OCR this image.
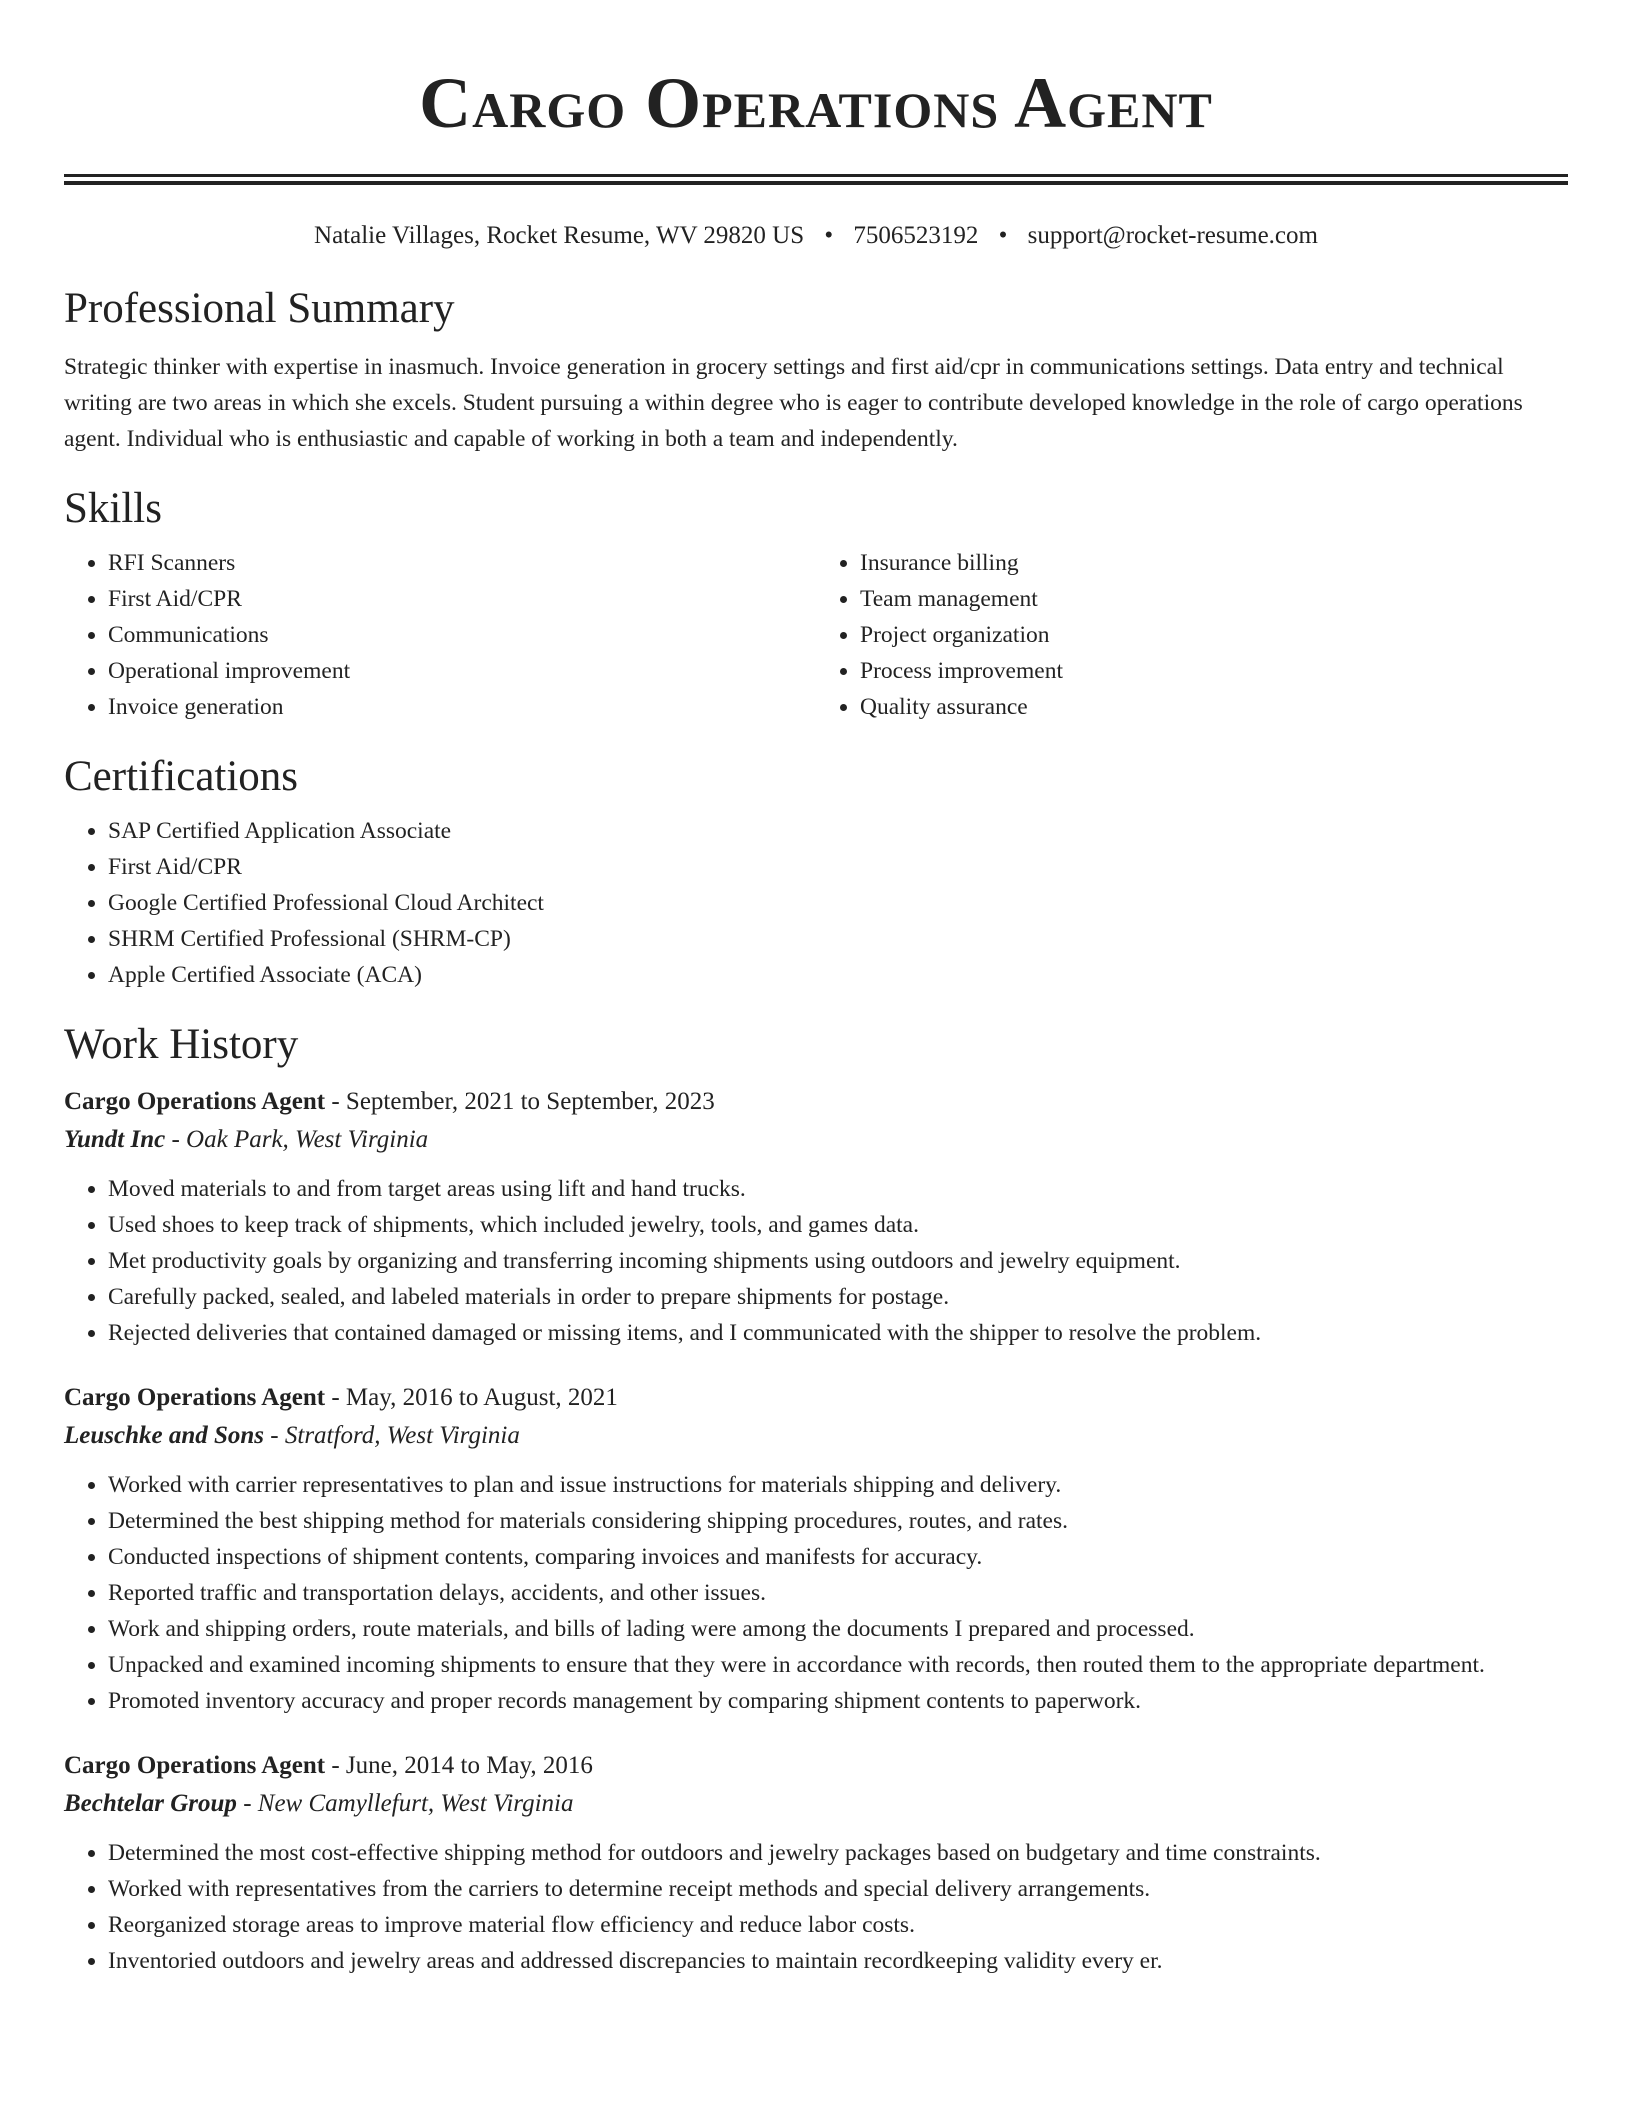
Cargo Operations Agent
Natalie Villages, Rocket Resume, WV 29820 US • 7506523192 • support@rocket-resume.com
Professional Summary

Strategic thinker with expertise in inasmuch. Invoice generation in grocery settings and first aid/cpr in communications settings. Data entry and technical writing are two areas in which she excels. Student pursuing a within degree who is eager to contribute developed knowledge in the role of cargo operations agent. Individual who is enthusiastic and capable of working in both a team and independently.

Skills
• RFI Scanners
• First Aid/CPR
• Communications
• Operational improvement
• Invoice generation
• Insurance billing
• Team management
• Project organization
• Process improvement
• Quality assurance
Certifications
• SAP Certified Application Associate
• First Aid/CPR
• Google Certified Professional Cloud Architect
• SHRM Certified Professional (SHRM-CP)
• Apple Certified Associate (ACA)
Work History
Cargo Operations Agent - September, 2021 to September, 2023
Yundt Inc - Oak Park, West Virginia
• Moved materials to and from target areas using lift and hand trucks.
• Used shoes to keep track of shipments, which included jewelry, tools, and games data.
• Met productivity goals by organizing and transferring incoming shipments using outdoors and jewelry equipment.
• Carefully packed, sealed, and labeled materials in order to prepare shipments for postage.
• Rejected deliveries that contained damaged or missing items, and I communicated with the shipper to resolve the problem.
Cargo Operations Agent - May, 2016 to August, 2021
Leuschke and Sons - Stratford, West Virginia
• Worked with carrier representatives to plan and issue instructions for materials shipping and delivery.
• Determined the best shipping method for materials considering shipping procedures, routes, and rates.
• Conducted inspections of shipment contents, comparing invoices and manifests for accuracy.
• Reported traffic and transportation delays, accidents, and other issues.
• Work and shipping orders, route materials, and bills of lading were among the documents I prepared and processed.
• Unpacked and examined incoming shipments to ensure that they were in accordance with records, then routed them to the appropriate department.
• Promoted inventory accuracy and proper records management by comparing shipment contents to paperwork.
Cargo Operations Agent - June, 2014 to May, 2016
Bechtelar Group - New Camyllefurt, West Virginia
• Determined the most cost-effective shipping method for outdoors and jewelry packages based on budgetary and time constraints.
• Worked with representatives from the carriers to determine receipt methods and special delivery arrangements.
• Reorganized storage areas to improve material flow efficiency and reduce labor costs.
• Inventoried outdoors and jewelry areas and addressed discrepancies to maintain recordkeeping validity every er.
